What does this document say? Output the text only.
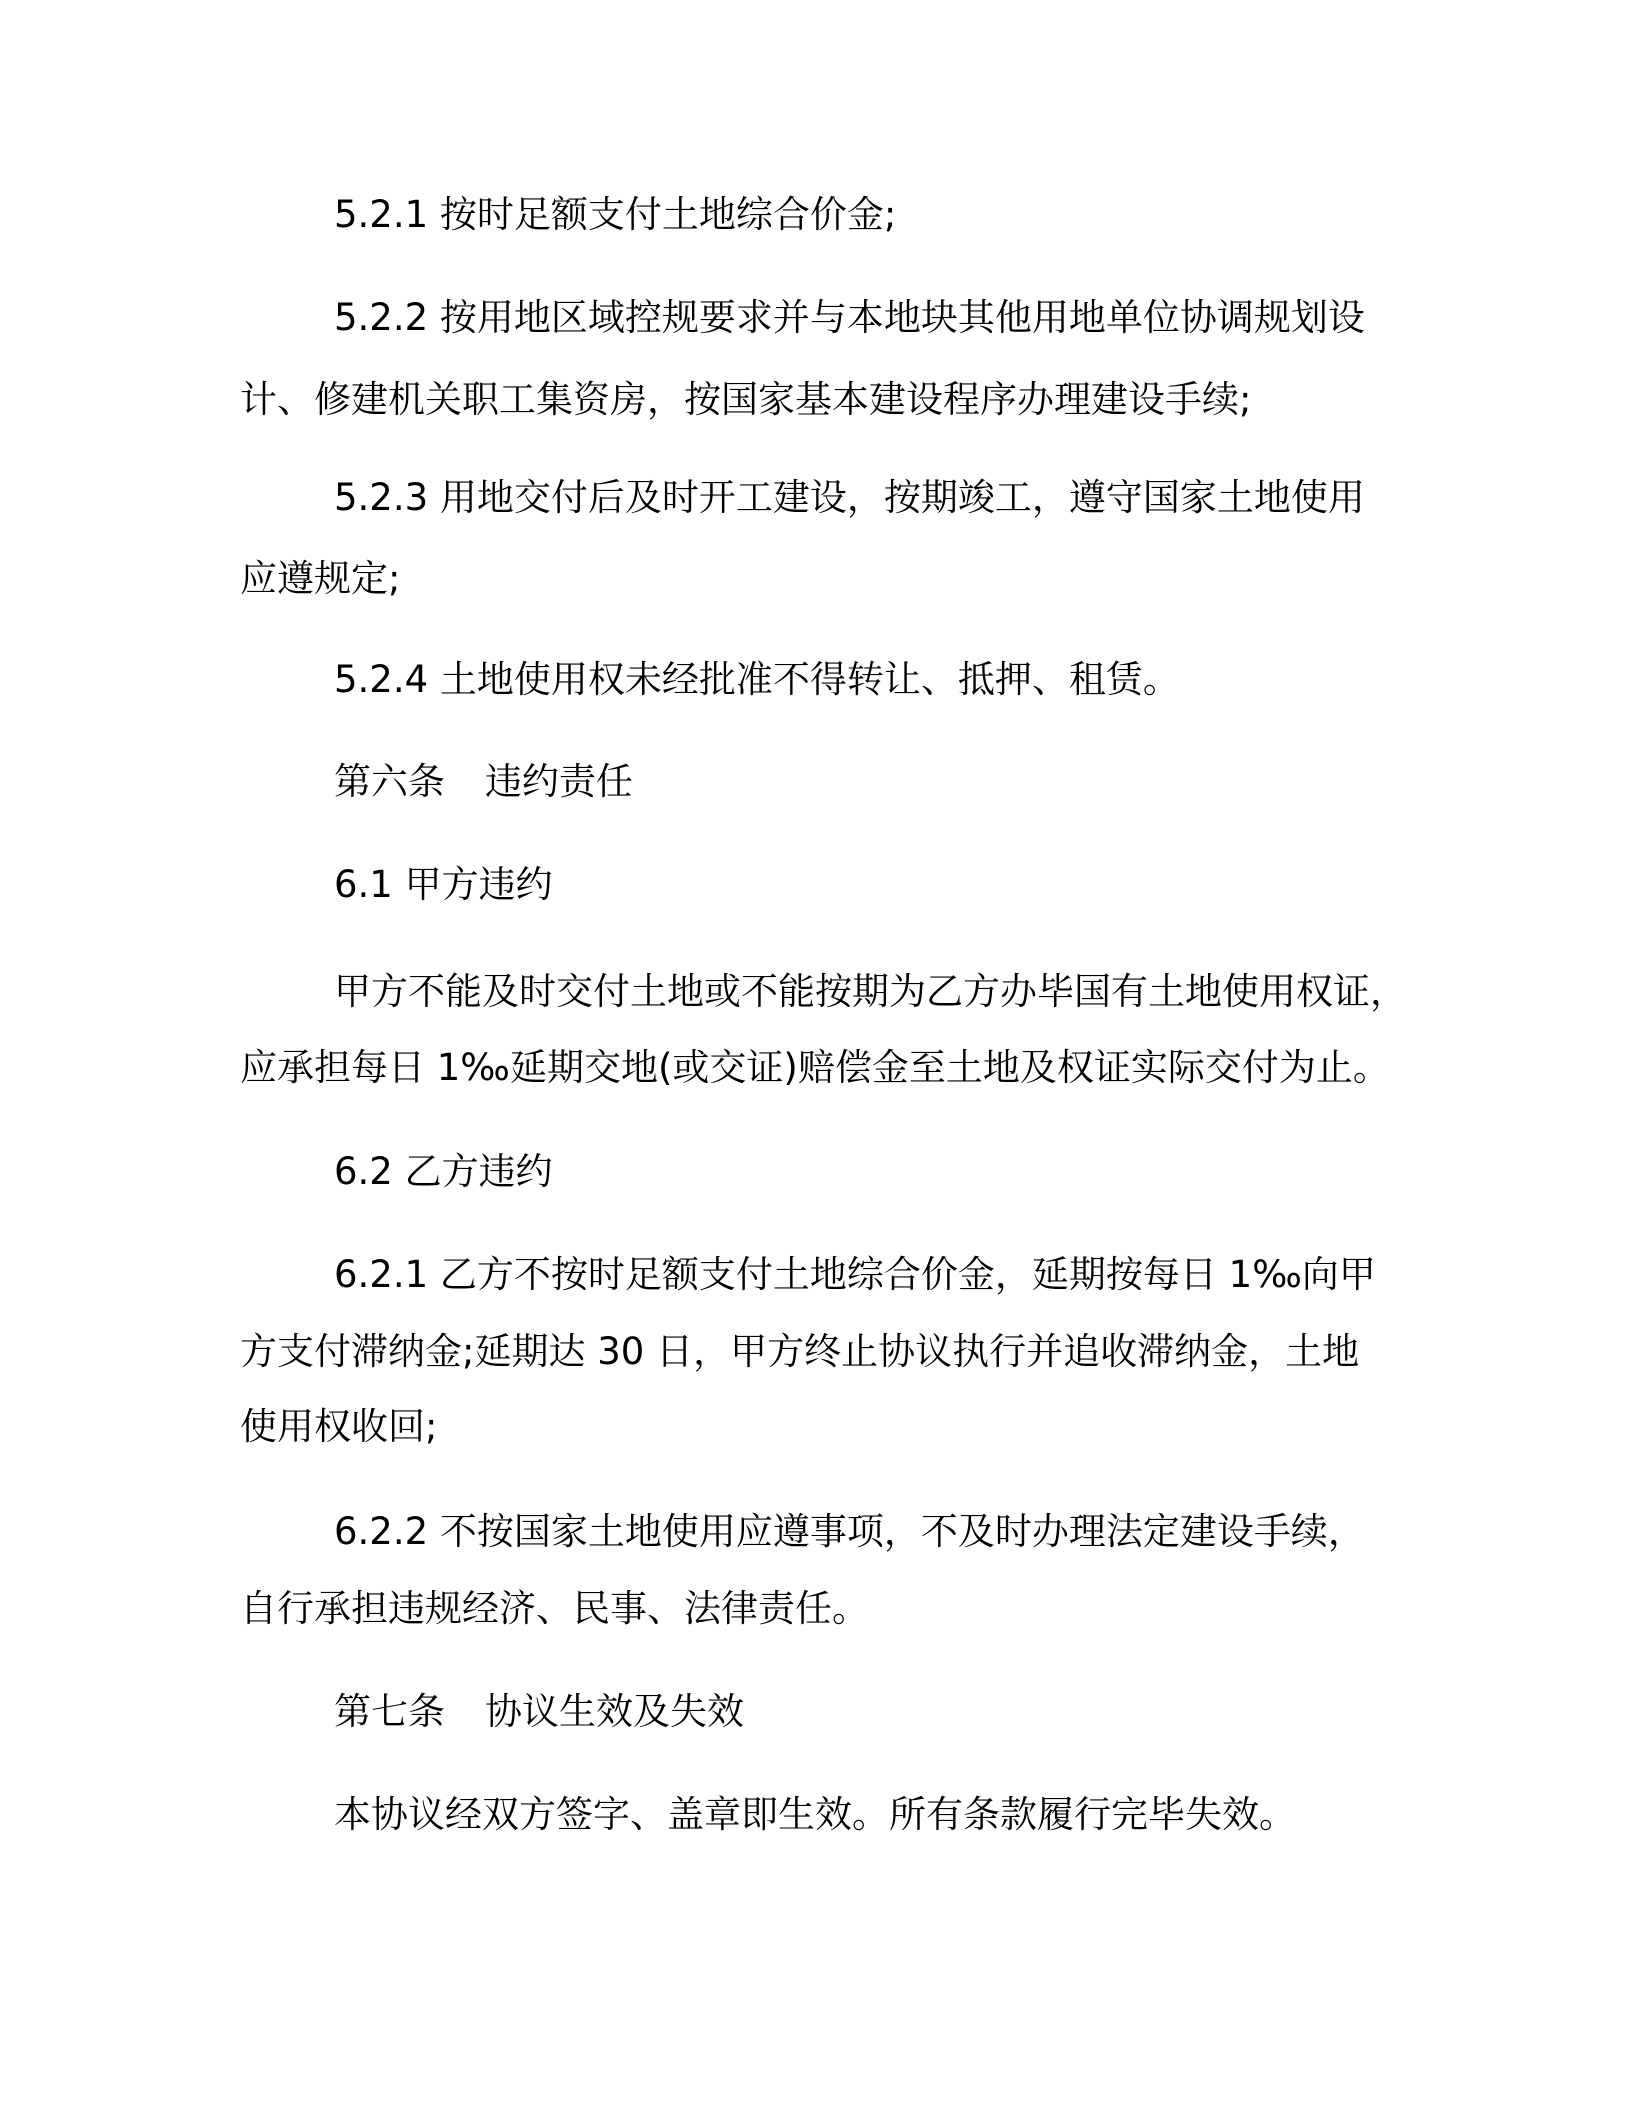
5.2.1 按时足额支付土地综合价金;
5.2.2 按用地区域控规要求并与本地块其他用地单位协调规划设
计、修建机关职工集资房，按国家基本建设程序办理建设手续;
5.2.3 用地交付后及时开工建设，按期竣工，遵守国家土地使用
应遵规定;
5.2.4 土地使用权未经批准不得转让、抵押、租赁。
第六条 违约责任
6.1 甲方违约
甲方不能及时交付土地或不能按期为乙方办毕国有土地使用权证，
应承担每日 1‰延期交地(或交证)赔偿金至土地及权证实际交付为止。
6.2 乙方违约
6.2.1 乙方不按时足额支付土地综合价金，延期按每日 1‰向甲
方支付滞纳金;延期达 30 日，甲方终止协议执行并追收滞纳金，土地
使用权收回;
6.2.2 不按国家土地使用应遵事项，不及时办理法定建设手续，
自行承担违规经济、民事、法律责任。
第七条 协议生效及失效
本协议经双方签字、盖章即生效。所有条款履行完毕失效。
